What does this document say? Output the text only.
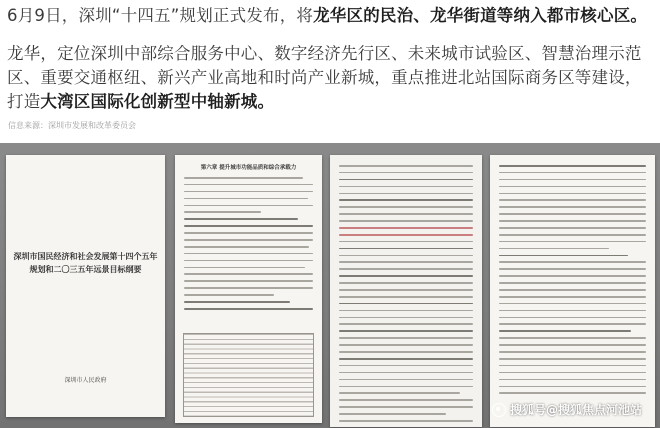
6月9日，深圳“十四五”规划正式发布，将龙华区的民治、龙华街道等纳入都市核心区。

龙华，定位深圳中部综合服务中心、数字经济先行区、未来城市试验区、智慧治理示范区、重要交通枢纽、新兴产业高地和时尚产业新城，重点推进北站国际商务区等建设，打造大湾区国际化创新型中轴新城。

信息来源：深圳市发展和改革委员会
深圳市国民经济和社会发展第十四个五年
规划和二〇三五年远景目标纲要
深圳市人民政府
第六章 提升城市功能品质和综合承载力
搜狐号@搜狐焦点河池站
